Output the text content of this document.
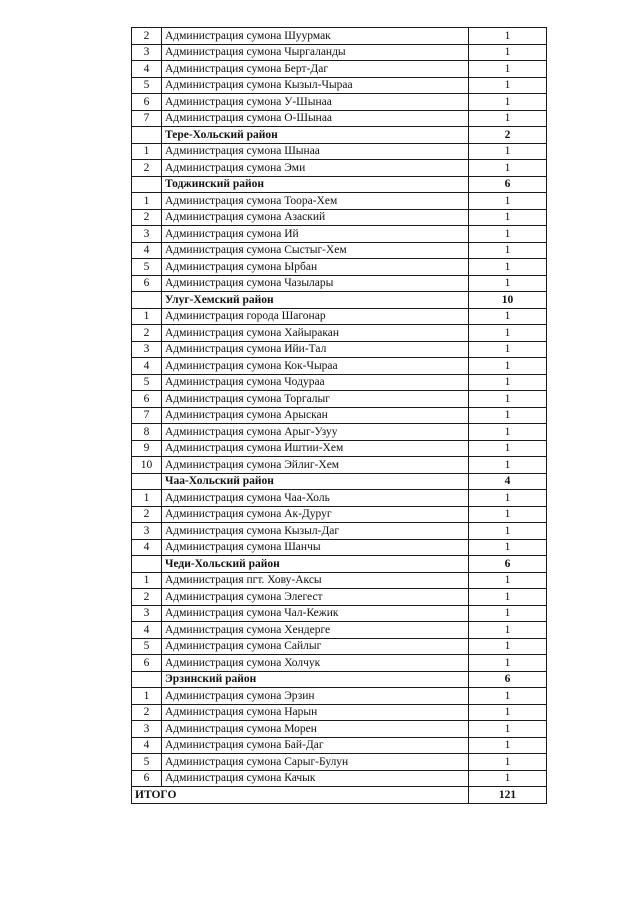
2	Администрация сумона Шуурмак	1
3	Администрация сумона Чыргаланды	1
4	Администрация сумона Берт-Даг	1
5	Администрация сумона Кызыл-Чыраа	1
6	Администрация сумона У-Шынаа	1
7	Администрация сумона О-Шынаа	1
	Тере-Хольский район	2
1	Администрация сумона Шынаа	1
2	Администрация сумона Эми	1
	Тоджинский район	6
1	Администрация сумона Тоора-Хем	1
2	Администрация сумона Азаский	1
3	Администрация сумона Ий	1
4	Администрация сумона Сыстыг-Хем	1
5	Администрация сумона Ырбан	1
6	Администрация сумона Чазылары	1
	Улуг-Хемский район	10
1	Администрация города Шагонар	1
2	Администрация сумона Хайыракан	1
3	Администрация сумона Ийи-Тал	1
4	Администрация сумона Кок-Чыраа	1
5	Администрация сумона Чодураа	1
6	Администрация сумона Торгалыг	1
7	Администрация сумона Арыскан	1
8	Администрация сумона Арыг-Узуу	1
9	Администрация сумона Иштии-Хем	1
10	Администрация сумона Эйлиг-Хем	1
	Чаа-Хольский район	4
1	Администрация сумона Чаа-Холь	1
2	Администрация сумона Ак-Дуруг	1
3	Администрация сумона Кызыл-Даг	1
4	Администрация сумона Шанчы	1
	Чеди-Хольский район	6
1	Администрация пгт. Хову-Аксы	1
2	Администрация сумона Элегест	1
3	Администрация сумона Чал-Кежик	1
4	Администрация сумона Хендерге	1
5	Администрация сумона Сайлыг	1
6	Администрация сумона Холчук	1
	Эрзинский район	6
1	Администрация сумона Эрзин	1
2	Администрация сумона Нарын	1
3	Администрация сумона Морен	1
4	Администрация сумона Бай-Даг	1
5	Администрация сумона Сарыг-Булун	1
6	Администрация сумона Качык	1
ИТОГО		121
